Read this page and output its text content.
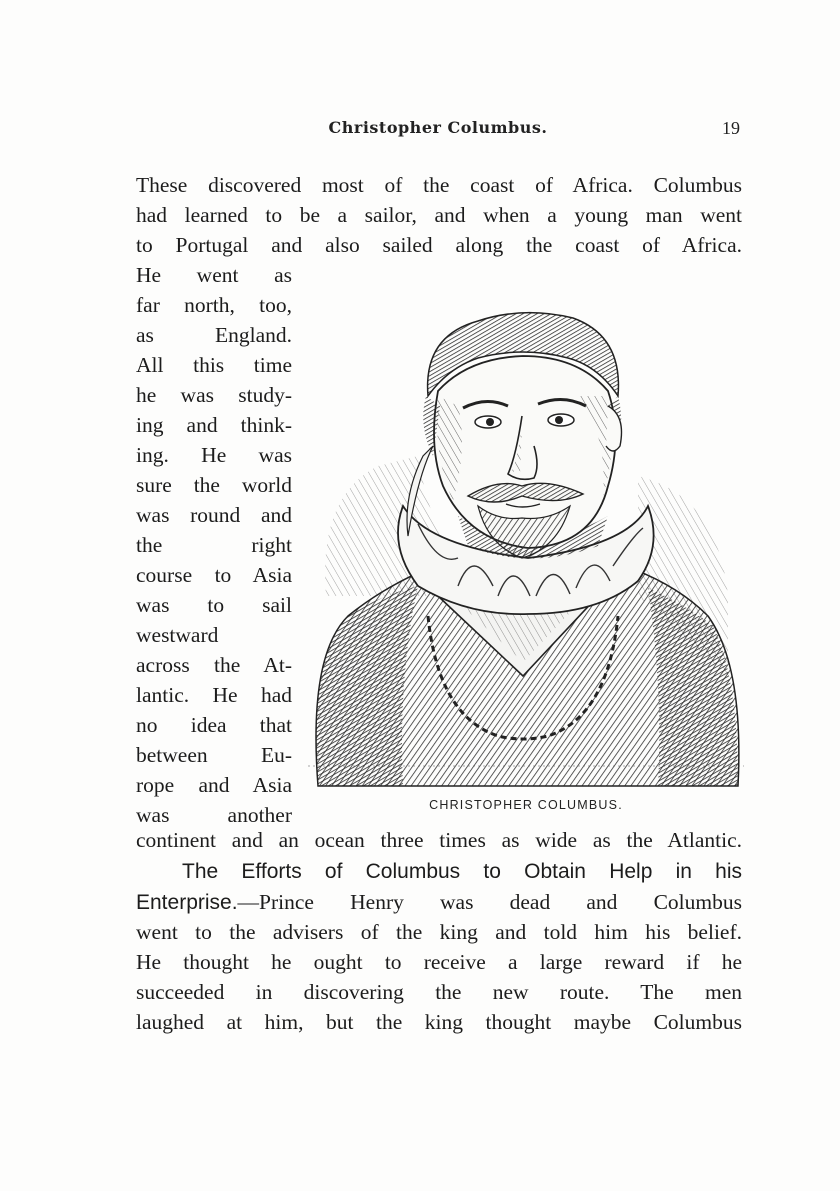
Christopher Columbus.	19
These discovered most of the coast of Africa. Columbus
had learned to be a sailor, and when a young man went
to Portugal and also sailed along the coast of Africa.
He went as
far north, too,
as England.
All this time
he was study-
ing and think-
ing. He was
sure the world
was round and
the right
course to Asia
was to sail
westward
across the At-
lantic. He had
no idea that
between Eu-
rope and Asia
was another	CHRISTOPHER COLUMBUS.
continent and an ocean three times as wide as the Atlantic.
The Efforts of Columbus to Obtain Help in his
Enterprise.—Prince Henry was dead and Columbus
went to the advisers of the king and told him his belief.
He thought he ought to receive a large reward if he
succeeded in discovering the new route. The men
laughed at him, but the king thought maybe Columbus
